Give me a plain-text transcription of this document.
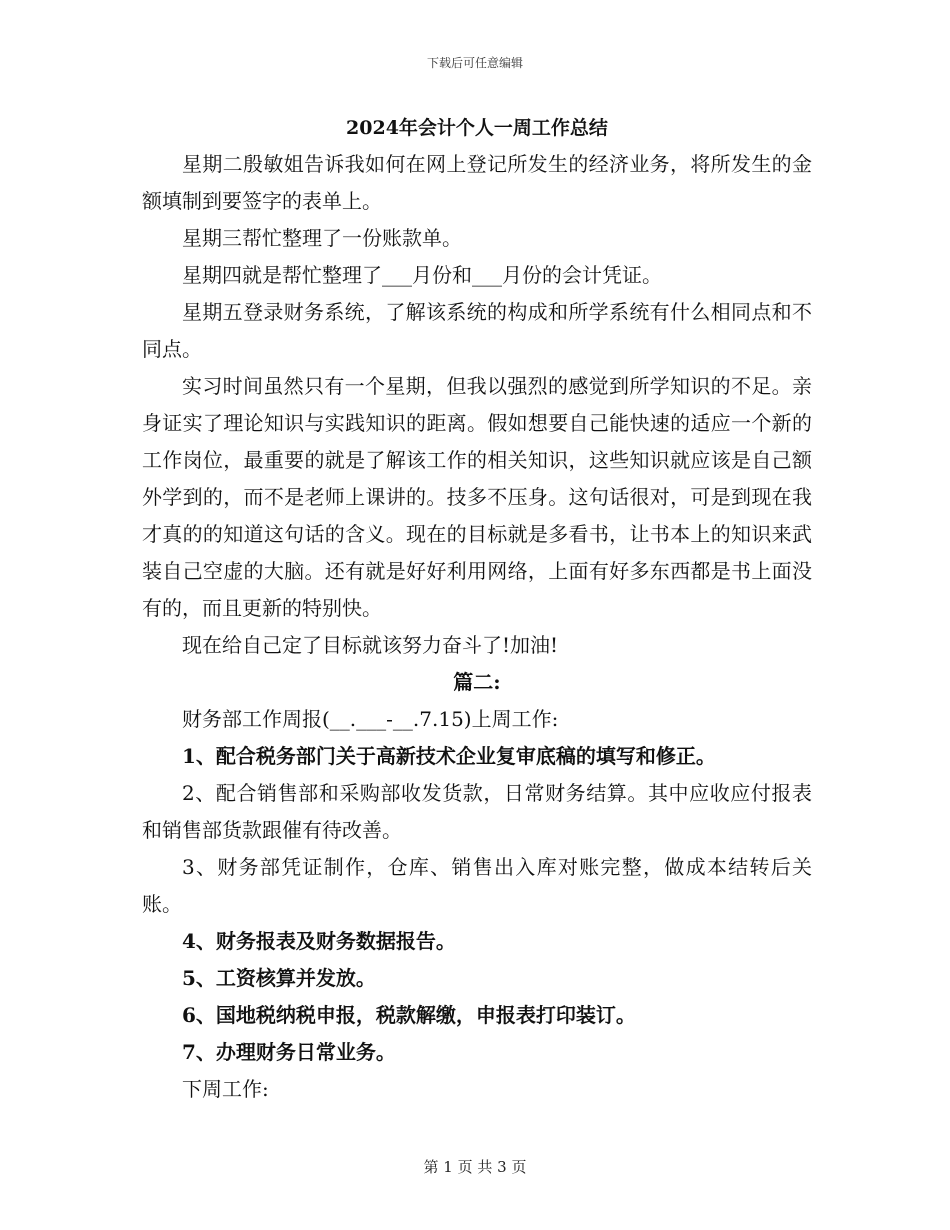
下载后可任意编辑
2024年会计个人一周工作总结

星期二殷敏姐告诉我如何在网上登记所发生的经济业务，将所发生的金额填制到要签字的表单上。

星期三帮忙整理了一份账款单。

星期四就是帮忙整理了___月份和___月份的会计凭证。

星期五登录财务系统，了解该系统的构成和所学系统有什么相同点和不同点。

实习时间虽然只有一个星期，但我以强烈的感觉到所学知识的不足。亲身证实了理论知识与实践知识的距离。假如想要自己能快速的适应一个新的工作岗位，最重要的就是了解该工作的相关知识，这些知识就应该是自己额外学到的，而不是老师上课讲的。技多不压身。这句话很对，可是到现在我才真的的知道这句话的含义。现在的目标就是多看书，让书本上的知识来武装自己空虚的大脑。还有就是好好利用网络，上面有好多东西都是书上面没有的，而且更新的特别快。

现在给自己定了目标就该努力奋斗了!加油!

篇二:

财务部工作周报(__.___-__.7.15)上周工作:

1、配合税务部门关于高新技术企业复审底稿的填写和修正。

2、配合销售部和采购部收发货款，日常财务结算。其中应收应付报表和销售部货款跟催有待改善。

3、财务部凭证制作，仓库、销售出入库对账完整，做成本结转后关账。

4、财务报表及财务数据报告。

5、工资核算并发放。

6、国地税纳税申报，税款解缴，申报表打印装订。

7、办理财务日常业务。

下周工作:

第 1 页 共 3 页
